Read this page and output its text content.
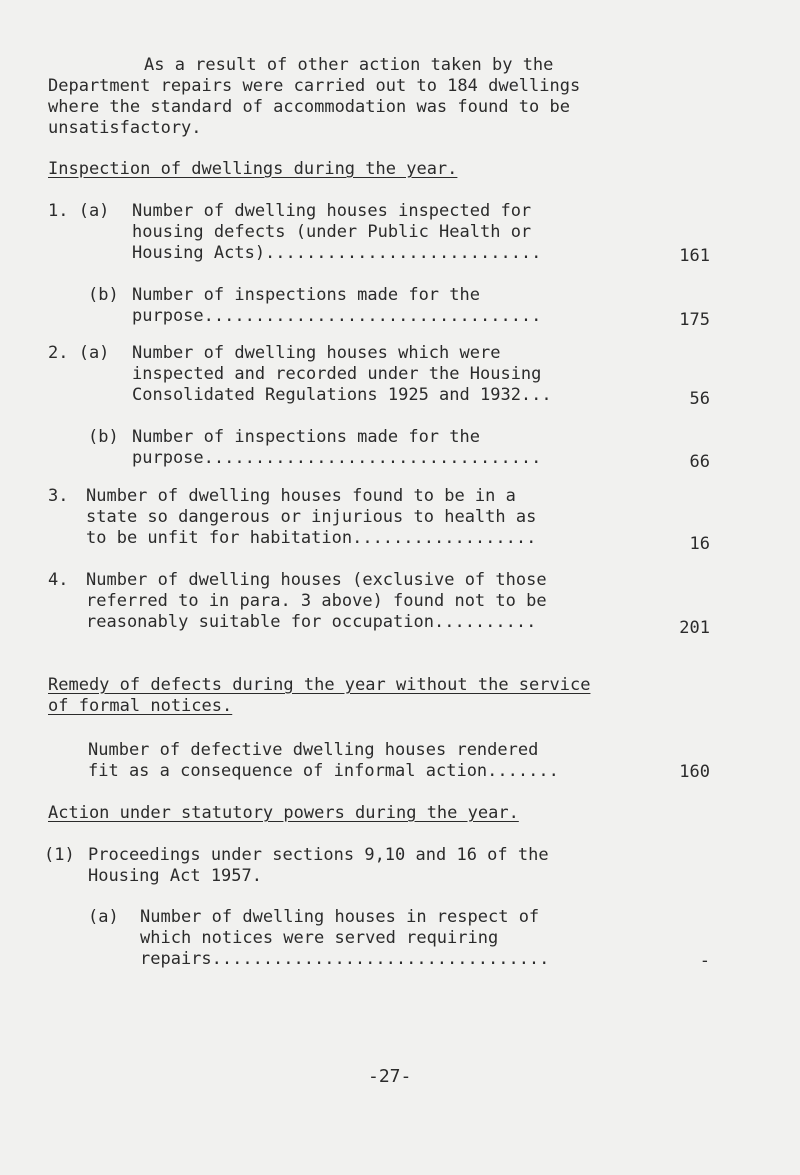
As a result of other action taken by the
Department repairs were carried out to 184 dwellings
where the standard of accommodation was found to be
unsatisfactory.
Inspection of dwellings during the year.
1. (a) Number of dwelling houses inspected for
housing defects (under Public Health or
Housing Acts)...........................	161
(b) Number of inspections made for the
purpose.................................	175
2. (a) Number of dwelling houses which were
inspected and recorded under the Housing
Consolidated Regulations 1925 and 1932...	56
(b) Number of inspections made for the
purpose.................................	66
3. Number of dwelling houses found to be in a
state so dangerous or injurious to health as
to be unfit for habitation..................	16
4. Number of dwelling houses (exclusive of those
referred to in para. 3 above) found not to be
reasonably suitable for occupation..........	201
Remedy of defects during the year without the service
of formal notices.
Number of defective dwelling houses rendered
fit as a consequence of informal action.......	160
Action under statutory powers during the year.
(1) Proceedings under sections 9,10 and 16 of the
Housing Act 1957.
(a) Number of dwelling houses in respect of
which notices were served requiring
repairs.................................	-
-27-
